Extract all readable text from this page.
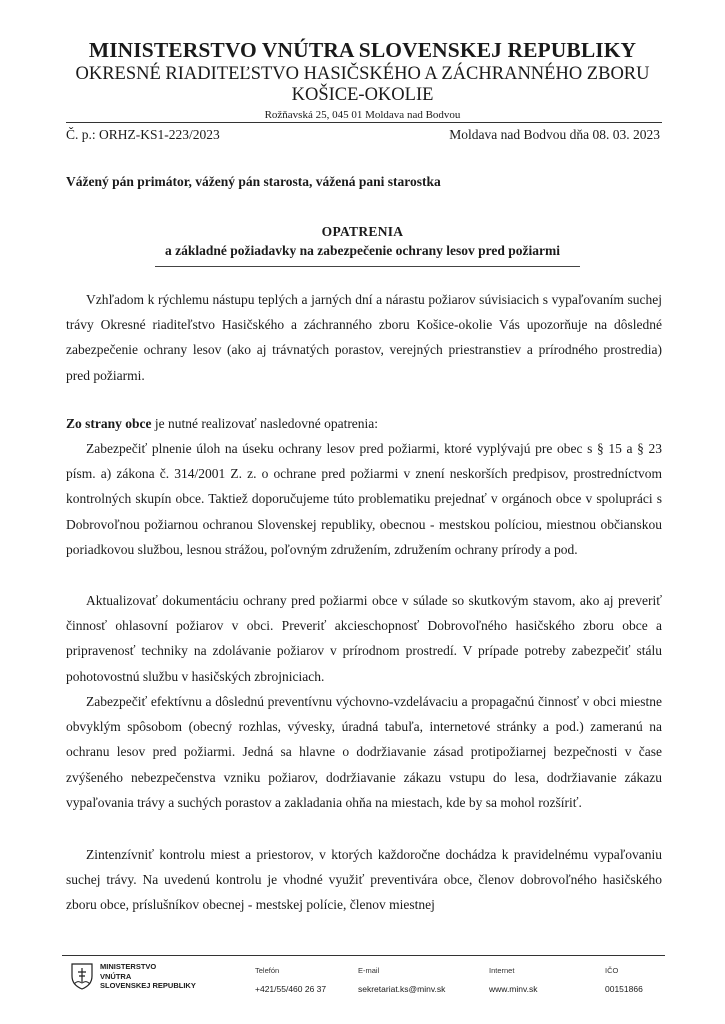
MINISTERSTVO VNÚTRA SLOVENSKEJ REPUBLIKY
OKRESNÉ RIADITEĽSTVO HASIČSKÉHO A ZÁCHRANNÉHO ZBORU
KOŠICE-OKOLIE
Rožňavská 25, 045 01 Moldava nad Bodvou
Č. p.: ORHZ-KS1-223/2023	Moldava nad Bodvou dňa 08. 03. 2023
Vážený pán primátor, vážený pán starosta, vážená pani starostka
OPATRENIA
a základné požiadavky na zabezpečenie ochrany lesov pred požiarmi

Vzhľadom k rýchlemu nástupu teplých a jarných dní a nárastu požiarov súvisiacich s vypaľovaním suchej trávy Okresné riaditeľstvo Hasičského a záchranného zboru Košice-okolie Vás upozorňuje na dôsledné zabezpečenie ochrany lesov (ako aj trávnatých porastov, verejných priestranstiev a prírodného prostredia) pred požiarmi.

Zo strany obce je nutné realizovať nasledovné opatrenia:

Zabezpečiť plnenie úloh na úseku ochrany lesov pred požiarmi, ktoré vyplývajú pre obec s § 15 a § 23 písm. a) zákona č. 314/2001 Z. z. o ochrane pred požiarmi v znení neskorších predpisov, prostredníctvom kontrolných skupín obce. Taktiež doporučujeme túto problematiku prejednať v orgánoch obce v spolupráci s Dobrovoľnou požiarnou ochranou Slovenskej republiky, obecnou - mestskou políciou, miestnou občianskou poriadkovou službou, lesnou strážou, poľovným združením, združením ochrany prírody a pod.

Aktualizovať dokumentáciu ochrany pred požiarmi obce v súlade so skutkovým stavom, ako aj preveriť činnosť ohlasovní požiarov v obci. Preveriť akcieschopnosť Dobrovoľného hasičského zboru obce a pripravenosť techniky na zdolávanie požiarov v prírodnom prostredí. V prípade potreby zabezpečiť stálu pohotovostnú službu v hasičských zbrojniciach.

Zabezpečiť efektívnu a dôslednú preventívnu výchovno-vzdelávaciu a propagačnú činnosť v obci miestne obvyklým spôsobom (obecný rozhlas, vývesky, úradná tabuľa, internetové stránky a pod.) zameranú na ochranu lesov pred požiarmi. Jedná sa hlavne o dodržiavanie zásad protipožiarnej bezpečnosti v čase zvýšeného nebezpečenstva vzniku požiarov, dodržiavanie zákazu vstupu do lesa, dodržiavanie zákazu vypaľovania trávy a suchých porastov a zakladania ohňa na miestach, kde by sa mohol rozšíriť.

Zintenzívniť kontrolu miest a priestorov, v ktorých každoročne dochádza k pravidelnému vypaľovaniu suchej trávy. Na uvedenú kontrolu je vhodné využiť preventivára obce, členov dobrovoľného hasičského zboru obce, príslušníkov obecnej - mestskej polície, členov miestnej

MINISTERSTVO
VNÚTRA
SLOVENSKEJ REPUBLIKY
Telefón
+421/55/460 26 37
E-mail
sekretariat.ks@minv.sk
Internet
www.minv.sk
IČO
00151866
